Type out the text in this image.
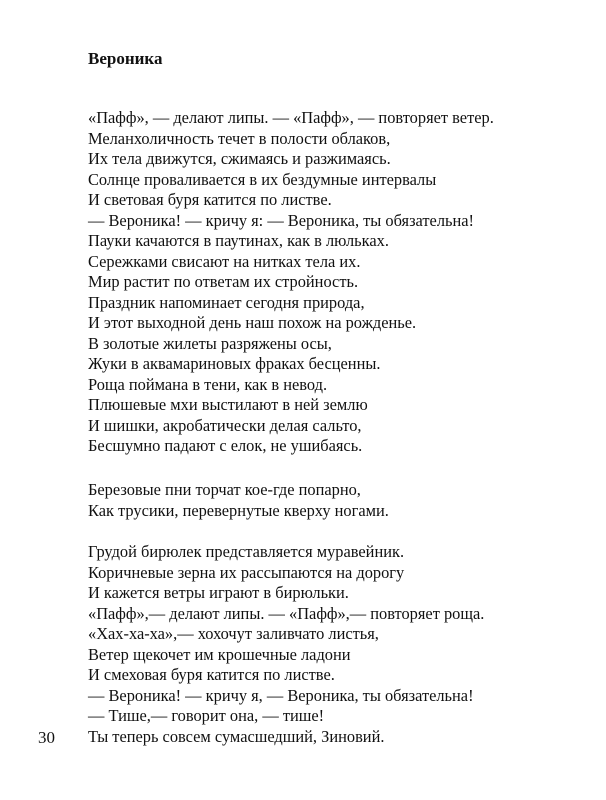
Вероника
«Пафф», — делают липы. — «Пафф», — повторяет ветер.
Меланхоличность течет в полости облаков,
Их тела движутся, сжимаясь и разжимаясь.
Солнце проваливается в их бездумные интервалы
И световая буря катится по листве.
— Вероника! — кричу я: — Вероника, ты обязательна!
Пауки качаются в паутинах, как в люльках.
Сережками свисают на нитках тела их.
Мир растит по ответам их стройность.
Праздник напоминает сегодня природа,
И этот выходной день наш похож на рожденье.
В золотые жилеты разряжены осы,
Жуки в аквамариновых фраках бесценны.
Роща поймана в тени, как в невод.
Плюшевые мхи выстилают в ней землю
И шишки, акробатически делая сальто,
Бесшумно падают с елок, не ушибаясь.
Березовые пни торчат кое-где попарно,
Как трусики, перевернутые кверху ногами.
Грудой бирюлек представляется муравейник.
Коричневые зерна их рассыпаются на дорогу
И кажется ветры играют в бирюльки.
«Пафф»,— делают липы. — «Пафф»,— повторяет роща.
«Хах-ха-ха»,— хохочут заливчато листья,
Ветер щекочет им крошечные ладони
И смеховая буря катится по листве.
— Вероника! — кричу я, — Вероника, ты обязательна!
— Тише,— говорит она, — тише!
Ты теперь совсем сумасшедший, Зиновий.
30
